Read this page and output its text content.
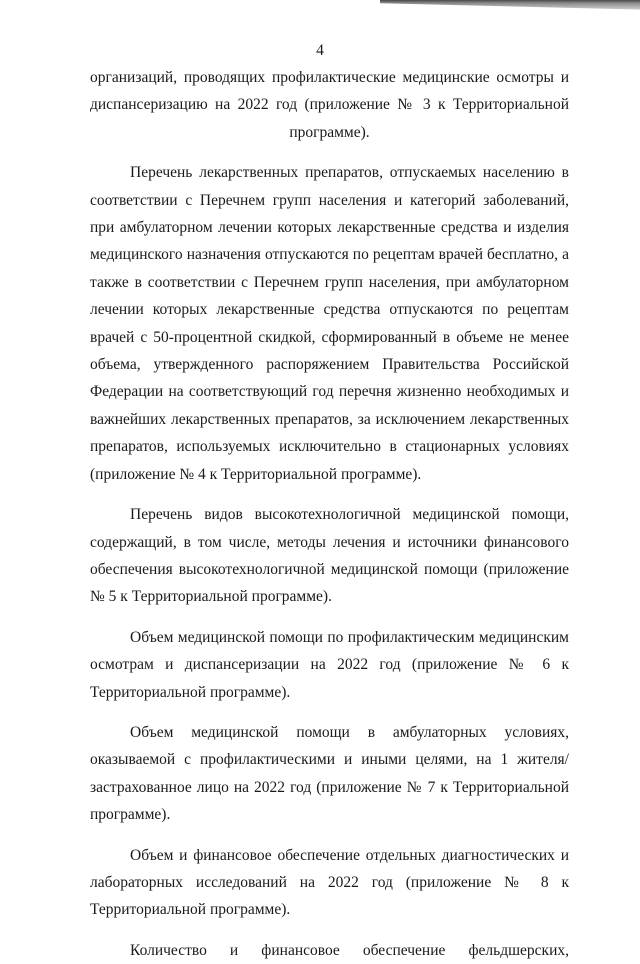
4

организаций, проводящих профилактические медицинские осмотры и диспансеризацию на 2022 год (приложение № 3 к Территориальной программе).

Перечень лекарственных препаратов, отпускаемых населению в соответствии с Перечнем групп населения и категорий заболеваний, при амбулаторном лечении которых лекарственные средства и изделия медицинского назначения отпускаются по рецептам врачей бесплатно, а также в соответствии с Перечнем групп населения, при амбулаторном лечении которых лекарственные средства отпускаются по рецептам врачей с 50-процентной скидкой, сформированный в объеме не менее объема, утвержденного распоряжением Правительства Российской Федерации на соответствующий год перечня жизненно необходимых и важнейших лекарственных препаратов, за исключением лекарственных препаратов, используемых исключительно в стационарных условиях (приложение № 4 к Территориальной программе).

Перечень видов высокотехнологичной медицинской помощи, содержащий, в том числе, методы лечения и источники финансового обеспечения высокотехнологичной медицинской помощи (приложение № 5 к Территориальной программе).

Объем медицинской помощи по профилактическим медицинским осмотрам и диспансеризации на 2022 год (приложение № 6 к Территориальной программе).

Объем медицинской помощи в амбулаторных условиях, оказываемой с профилактическими и иными целями, на 1 жителя/застрахованное лицо на 2022 год (приложение № 7 к Территориальной программе).

Объем и финансовое обеспечение отдельных диагностических и лабораторных исследований на 2022 год (приложение № 8 к Территориальной программе).

Количество и финансовое обеспечение фельдшерских,
